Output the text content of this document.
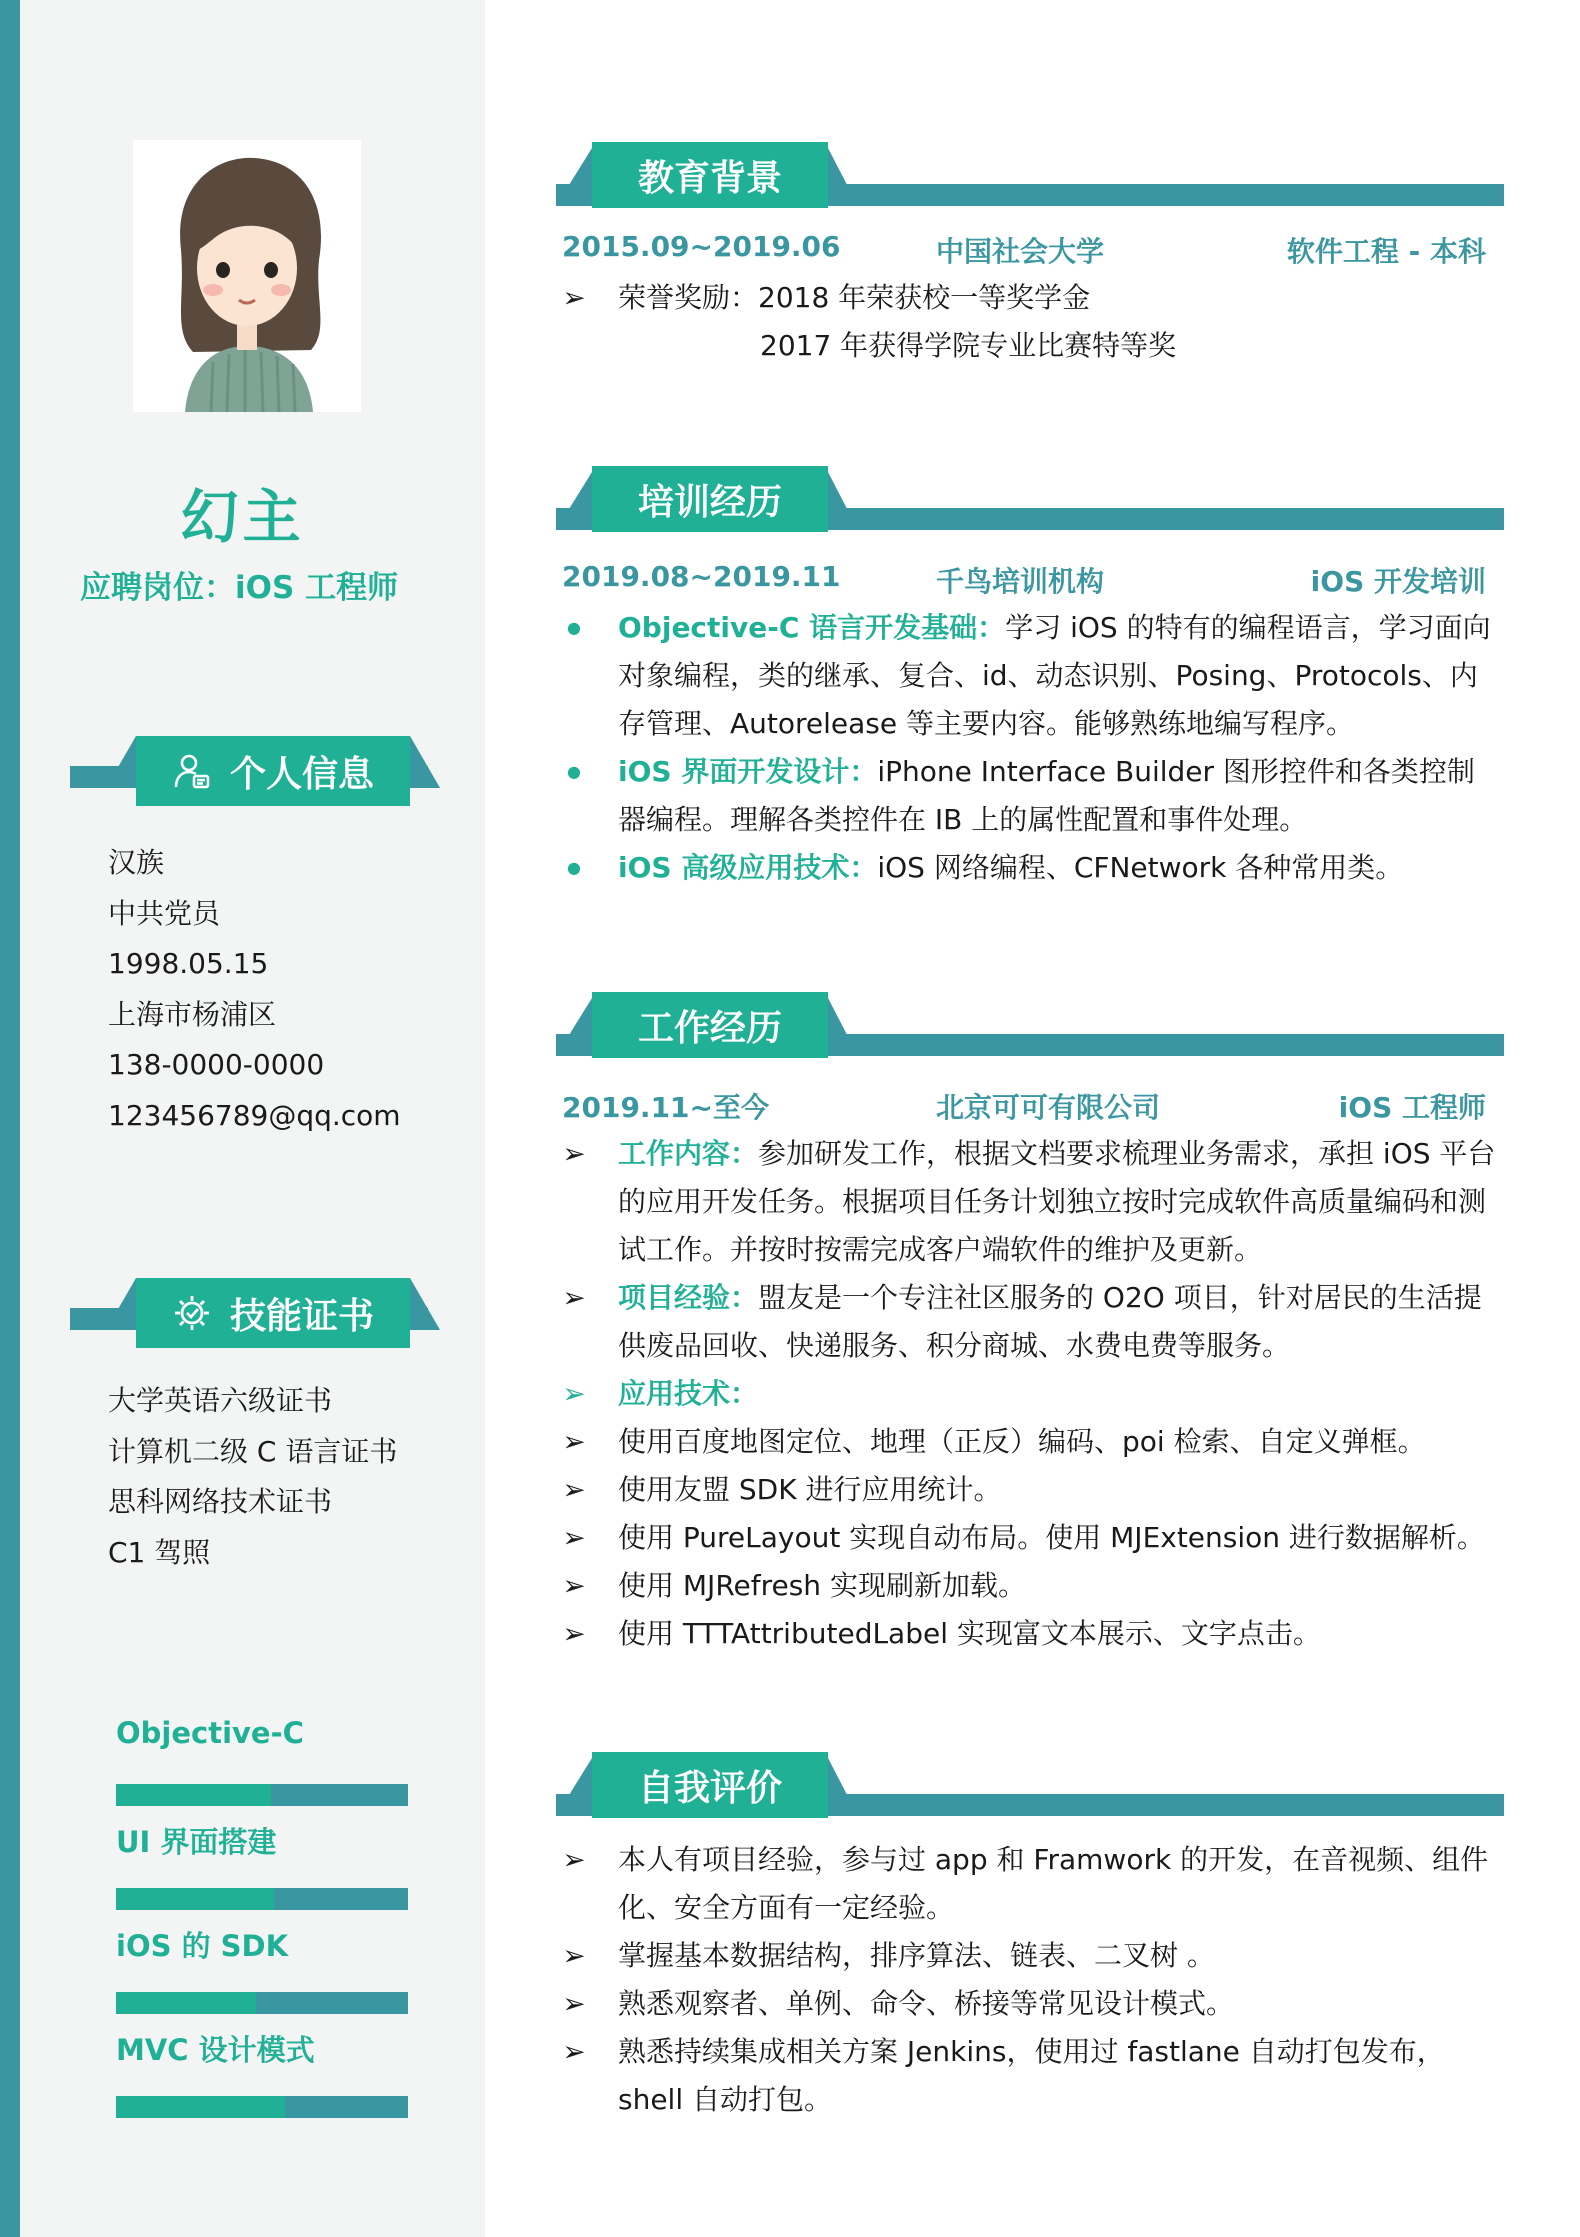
幻主
应聘岗位：iOS 工程师
个人信息
汉族
中共党员
1998.05.15
上海市杨浦区
138-0000-0000
123456789@qq.com
技能证书
大学英语六级证书
计算机二级 C 语言证书
思科网络技术证书
C1 驾照
Objective-C
UI 界面搭建
iOS 的 SDK
MVC 设计模式
教育背景
2015.09~2019.06	中国社会大学	软件工程 - 本科
➢ 荣誉奖励：2018 年荣获校一等奖学金
2017 年获得学院专业比赛特等奖
培训经历
2019.08~2019.11	千鸟培训机构	iOS 开发培训
● Objective-C 语言开发基础：学习 iOS 的特有的编程语言，学习面向对象编程，类的继承、复合、id、动态识别、Posing、Protocols、内存管理、Autorelease 等主要内容。能够熟练地编写程序。
● iOS 界面开发设计：iPhone Interface Builder 图形控件和各类控制器编程。理解各类控件在 IB 上的属性配置和事件处理。
● iOS 高级应用技术：iOS 网络编程、CFNetwork 各种常用类。
工作经历
2019.11~至今	北京可可有限公司	iOS 工程师
➢ 工作内容：参加研发工作，根据文档要求梳理业务需求，承担 iOS 平台的应用开发任务。根据项目任务计划独立按时完成软件高质量编码和测试工作。并按时按需完成客户端软件的维护及更新。
➢ 项目经验：盟友是一个专注社区服务的 O2O 项目，针对居民的生活提供废品回收、快递服务、积分商城、水费电费等服务。
➢ 应用技术：
➢ 使用百度地图定位、地理（正反）编码、poi 检索、自定义弹框。
➢ 使用友盟 SDK 进行应用统计。
➢ 使用 PureLayout 实现自动布局。使用 MJExtension 进行数据解析。
➢ 使用 MJRefresh 实现刷新加载。
➢ 使用 TTTAttributedLabel 实现富文本展示、文字点击。
自我评价
➢ 本人有项目经验，参与过 app 和 Framwork 的开发，在音视频、组件化、安全方面有一定经验。
➢ 掌握基本数据结构，排序算法、链表、二叉树 。
➢ 熟悉观察者、单例、命令、桥接等常见设计模式。
➢ 熟悉持续集成相关方案 Jenkins，使用过 fastlane 自动打包发布，shell 自动打包。
